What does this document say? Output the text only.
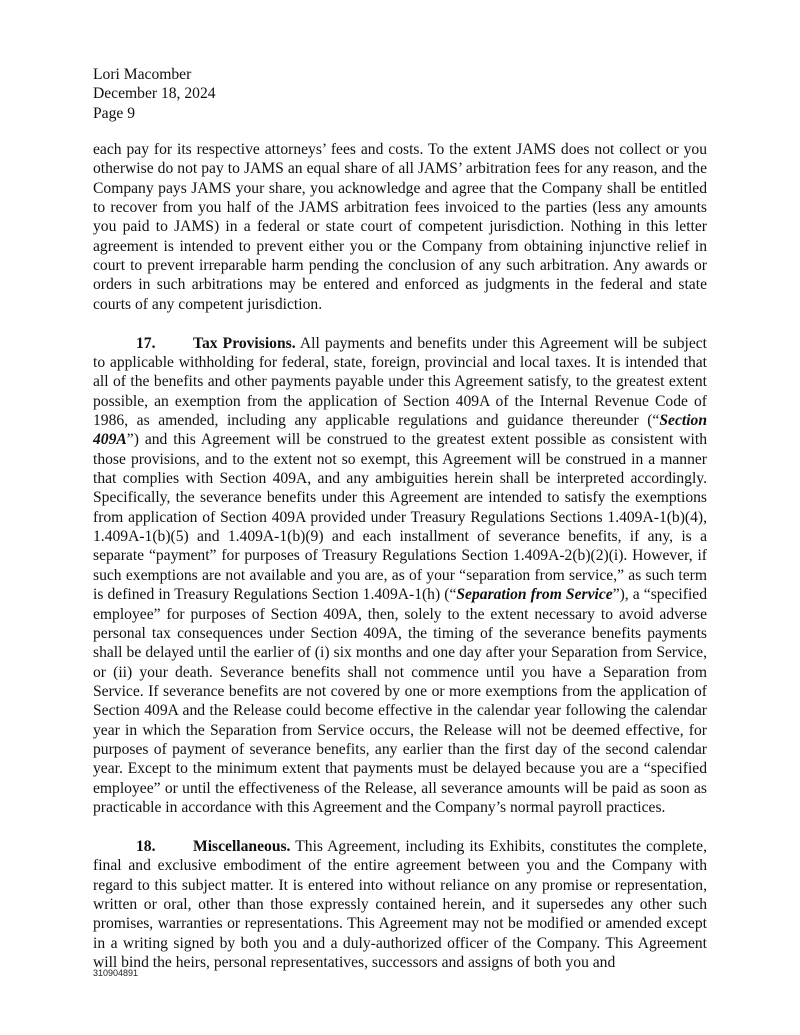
Lori Macomber
December 18, 2024
Page 9

each pay for its respective attorneys’ fees and costs. To the extent JAMS does not collect or you otherwise do not pay to JAMS an equal share of all JAMS’ arbitration fees for any reason, and the Company pays JAMS your share, you acknowledge and agree that the Company shall be entitled to recover from you half of the JAMS arbitration fees invoiced to the parties (less any amounts you paid to JAMS) in a federal or state court of competent jurisdiction. Nothing in this letter agreement is intended to prevent either you or the Company from obtaining injunctive relief in court to prevent irreparable harm pending the conclusion of any such arbitration. Any awards or orders in such arbitrations may be entered and enforced as judgments in the federal and state courts of any competent jurisdiction.

17. Tax Provisions. All payments and benefits under this Agreement will be subject to applicable withholding for federal, state, foreign, provincial and local taxes. It is intended that all of the benefits and other payments payable under this Agreement satisfy, to the greatest extent possible, an exemption from the application of Section 409A of the Internal Revenue Code of 1986, as amended, including any applicable regulations and guidance thereunder (“Section 409A”) and this Agreement will be construed to the greatest extent possible as consistent with those provisions, and to the extent not so exempt, this Agreement will be construed in a manner that complies with Section 409A, and any ambiguities herein shall be interpreted accordingly. Specifically, the severance benefits under this Agreement are intended to satisfy the exemptions from application of Section 409A provided under Treasury Regulations Sections 1.409A-1(b)(4), 1.409A-1(b)(5) and 1.409A-1(b)(9) and each installment of severance benefits, if any, is a separate “payment” for purposes of Treasury Regulations Section 1.409A-2(b)(2)(i). However, if such exemptions are not available and you are, as of your “separation from service,” as such term is defined in Treasury Regulations Section 1.409A-1(h) (“Separation from Service”), a “specified employee” for purposes of Section 409A, then, solely to the extent necessary to avoid adverse personal tax consequences under Section 409A, the timing of the severance benefits payments shall be delayed until the earlier of (i) six months and one day after your Separation from Service, or (ii) your death. Severance benefits shall not commence until you have a Separation from Service. If severance benefits are not covered by one or more exemptions from the application of Section 409A and the Release could become effective in the calendar year following the calendar year in which the Separation from Service occurs, the Release will not be deemed effective, for purposes of payment of severance benefits, any earlier than the first day of the second calendar year. Except to the minimum extent that payments must be delayed because you are a “specified employee” or until the effectiveness of the Release, all severance amounts will be paid as soon as practicable in accordance with this Agreement and the Company’s normal payroll practices.

18. Miscellaneous. This Agreement, including its Exhibits, constitutes the complete, final and exclusive embodiment of the entire agreement between you and the Company with regard to this subject matter. It is entered into without reliance on any promise or representation, written or oral, other than those expressly contained herein, and it supersedes any other such promises, warranties or representations. This Agreement may not be modified or amended except in a writing signed by both you and a duly-authorized officer of the Company. This Agreement will bind the heirs, personal representatives, successors and assigns of both you and

310904891
